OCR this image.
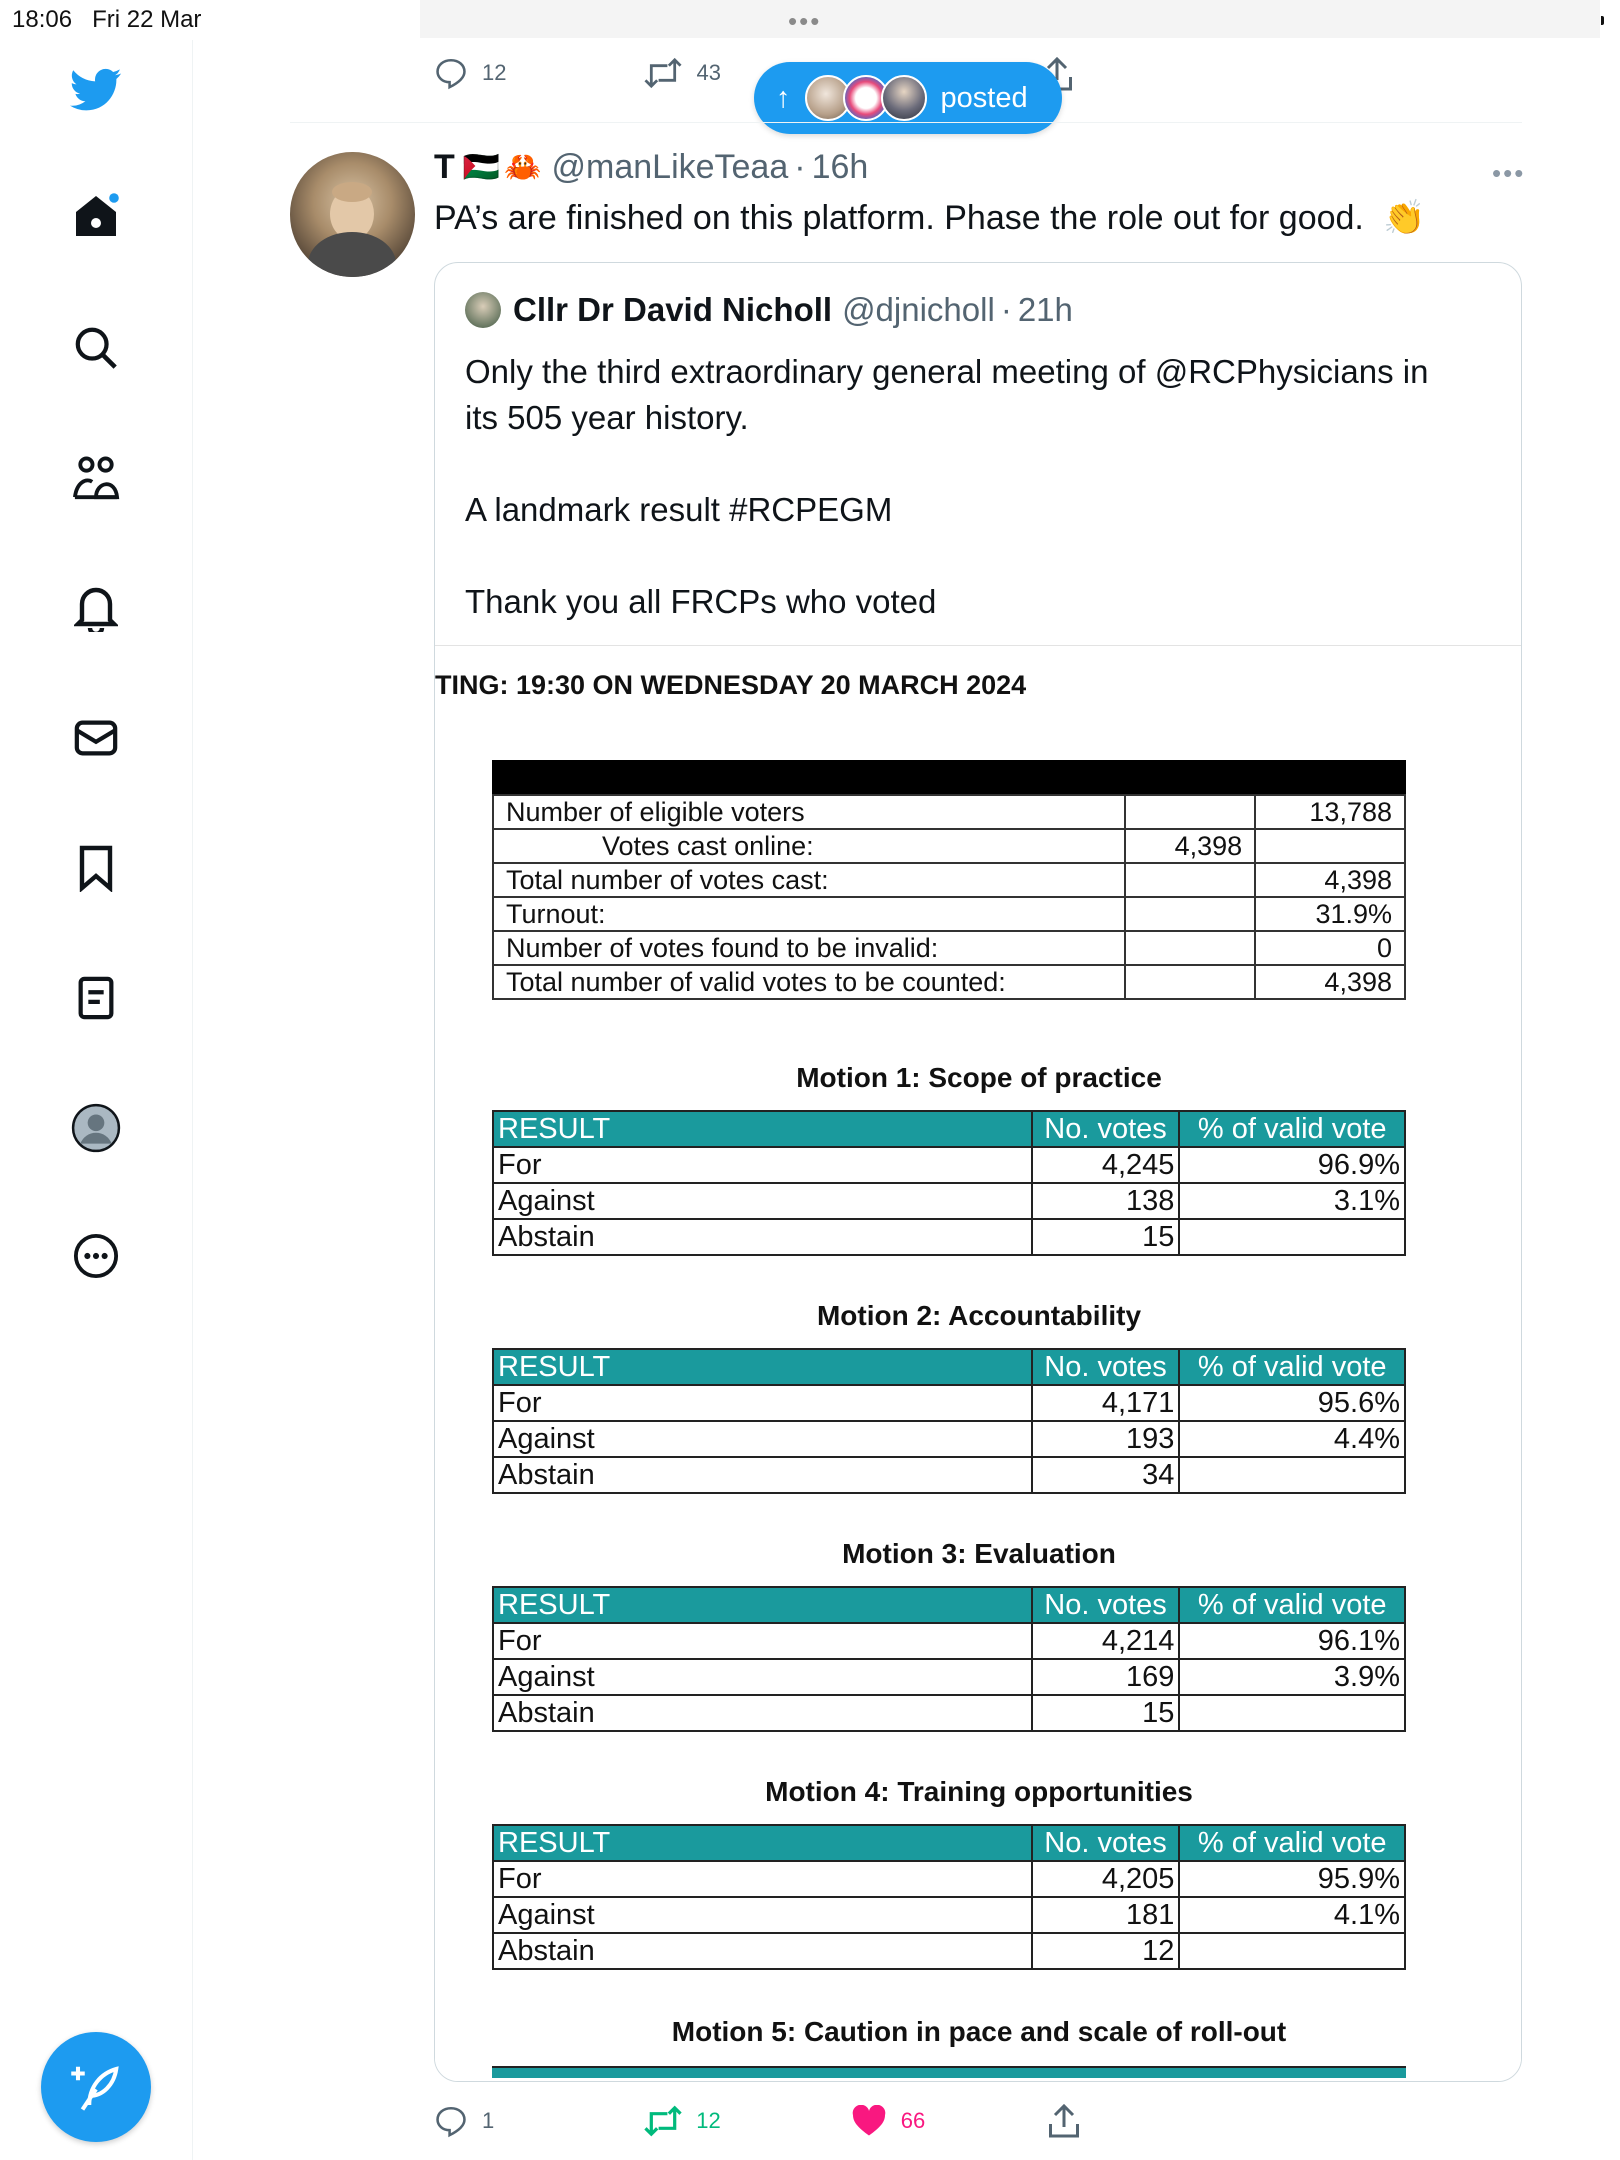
18:06 Fri 22 Mar	•••
12	43
↑	posted
T 🇵🇸 🦀 @manLikeTeaa · 16h	•••
PA’s are finished on this platform. Phase the role out for good. 👏
Cllr Dr David Nicholl @djnicholl · 21h
Only the third extraordinary general meeting of @RCPhysicians in
its 505 year history.
A landmark result #RCPEGM
Thank you all FRCPs who voted
TING: 19:30 ON WEDNESDAY 20 MARCH 2024
Number of eligible voters		13,788
Votes cast online:	4,398	
Total number of votes cast:		4,398
Turnout:		31.9%
Number of votes found to be invalid:		0
Total number of valid votes to be counted:		4,398
Motion 1: Scope of practice
RESULT	No. votes	% of valid vote
For	4,245	96.9%
Against	138	3.1%
Abstain	15	
Motion 2: Accountability
RESULT	No. votes	% of valid vote
For	4,171	95.6%
Against	193	4.4%
Abstain	34	
Motion 3: Evaluation
RESULT	No. votes	% of valid vote
For	4,214	96.1%
Against	169	3.9%
Abstain	15	
Motion 4: Training opportunities
RESULT	No. votes	% of valid vote
For	4,205	95.9%
Against	181	4.1%
Abstain	12	
Motion 5: Caution in pace and scale of roll-out
1	12	66
